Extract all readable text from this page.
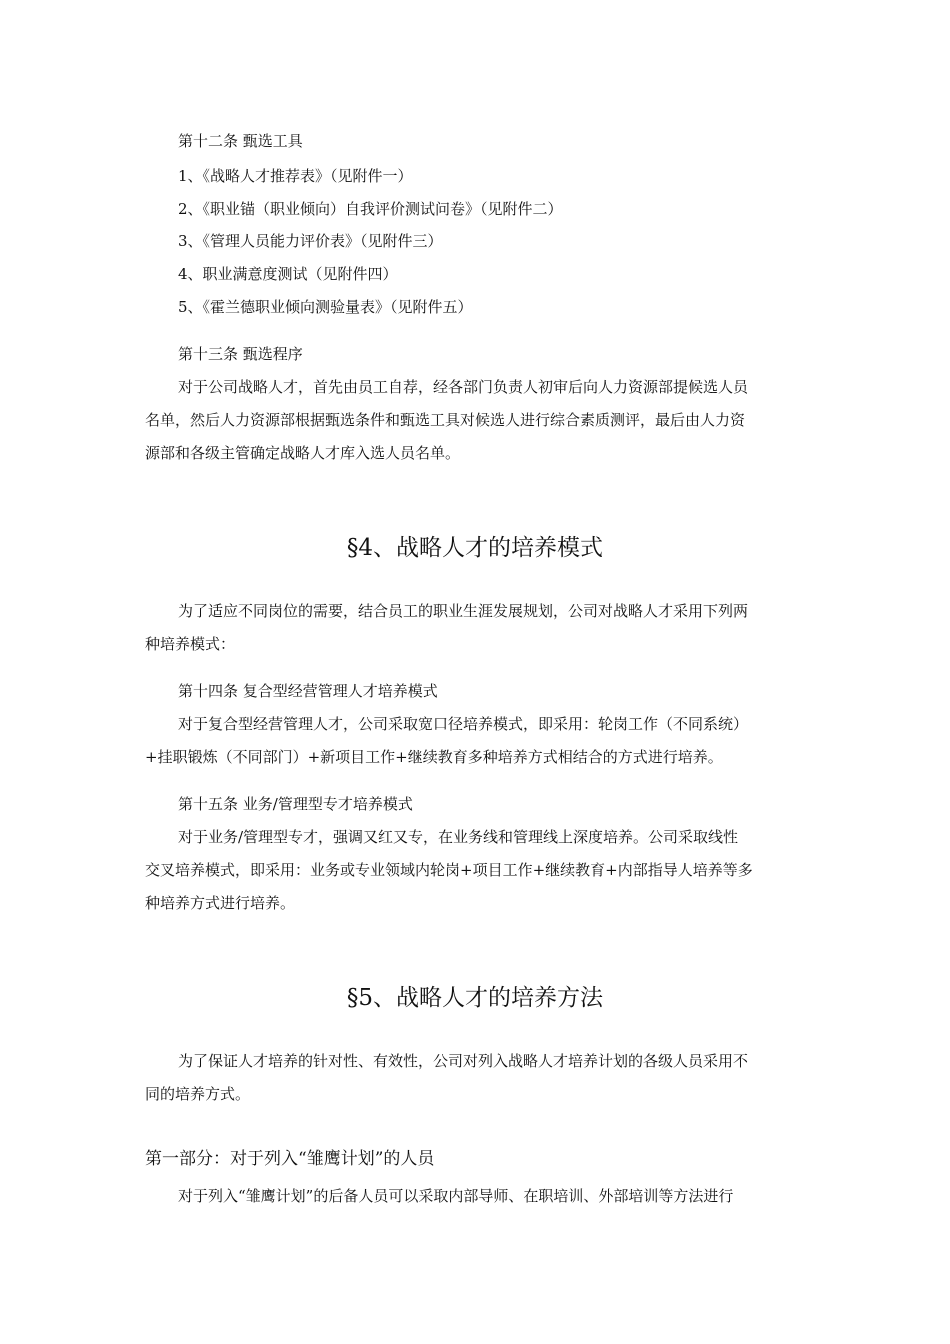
第十二条 甄选工具
1、《战略人才推荐表》（见附件一）
2、《职业锚（职业倾向）自我评价测试问卷》（见附件二）
3、《管理人员能力评价表》（见附件三）
4、职业满意度测试（见附件四）
5、《霍兰德职业倾向测验量表》（见附件五）
第十三条 甄选程序
对于公司战略人才，首先由员工自荐，经各部门负责人初审后向人力资源部提候选人员
名单，然后人力资源部根据甄选条件和甄选工具对候选人进行综合素质测评，最后由人力资
源部和各级主管确定战略人才库入选人员名单。
§4、战略人才的培养模式
为了适应不同岗位的需要，结合员工的职业生涯发展规划，公司对战略人才采用下列两
种培养模式：
第十四条 复合型经营管理人才培养模式
对于复合型经营管理人才，公司采取宽口径培养模式，即采用：轮岗工作（不同系统）
+挂职锻炼（不同部门）+新项目工作+继续教育多种培养方式相结合的方式进行培养。
第十五条 业务/管理型专才培养模式
对于业务/管理型专才，强调又红又专，在业务线和管理线上深度培养。公司采取线性
交叉培养模式，即采用：业务或专业领域内轮岗+项目工作+继续教育+内部指导人培养等多
种培养方式进行培养。
§5、战略人才的培养方法
为了保证人才培养的针对性、有效性，公司对列入战略人才培养计划的各级人员采用不
同的培养方式。
第一部分：对于列入“雏鹰计划”的人员
对于列入“雏鹰计划”的后备人员可以采取内部导师、在职培训、外部培训等方法进行
